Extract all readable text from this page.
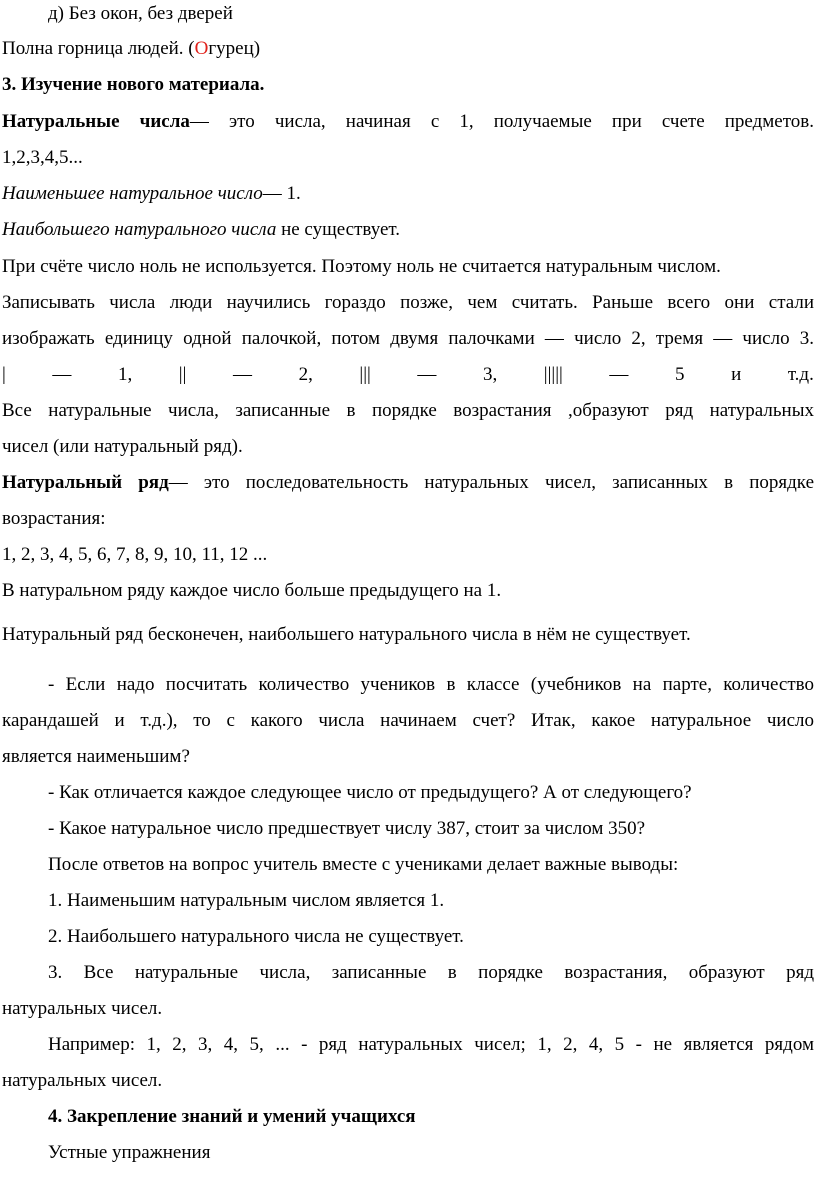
д) Без окон, без дверей
Полна горница людей. (Огурец)
3. Изучение нового материала.
Натуральные числа— это числа, начиная с 1, получаемые при счете предметов.
1,2,3,4,5...
Наименьшее натуральное число— 1.
Наибольшего натурального числа не существует.
При счёте число ноль не используется. Поэтому ноль не считается натуральным числом.
Записывать числа люди научились гораздо позже, чем считать. Раньше всего они стали
изображать единицу одной палочкой, потом двумя палочками — число 2, тремя — число 3.
| — 1, || — 2, ||| — 3, ||||| — 5 и т.д.
Все натуральные числа, записанные в порядке возрастания ,образуют ряд натуральных
чисел (или натуральный ряд).
Натуральный ряд— это последовательность натуральных чисел, записанных в порядке
возрастания:
1, 2, 3, 4, 5, 6, 7, 8, 9, 10, 11, 12 ...
В натуральном ряду каждое число больше предыдущего на 1.
Натуральный ряд бесконечен, наибольшего натурального числа в нём не существует.
- Если надо посчитать количество учеников в классе (учебников на парте, количество
карандашей и т.д.), то с какого числа начинаем счет? Итак, какое натуральное число
является наименьшим?
- Как отличается каждое следующее число от предыдущего? А от следующего?
- Какое натуральное число предшествует числу 387, стоит за числом 350?
После ответов на вопрос учитель вместе с учениками делает важные выводы:
1. Наименьшим натуральным числом является 1.
2. Наибольшего натурального числа не существует.
3. Все натуральные числа, записанные в порядке возрастания, образуют ряд
натуральных чисел.
Например: 1, 2, 3, 4, 5, ... - ряд натуральных чисел; 1, 2, 4, 5 - не является рядом
натуральных чисел.
4. Закрепление знаний и умений учащихся
Устные упражнения
